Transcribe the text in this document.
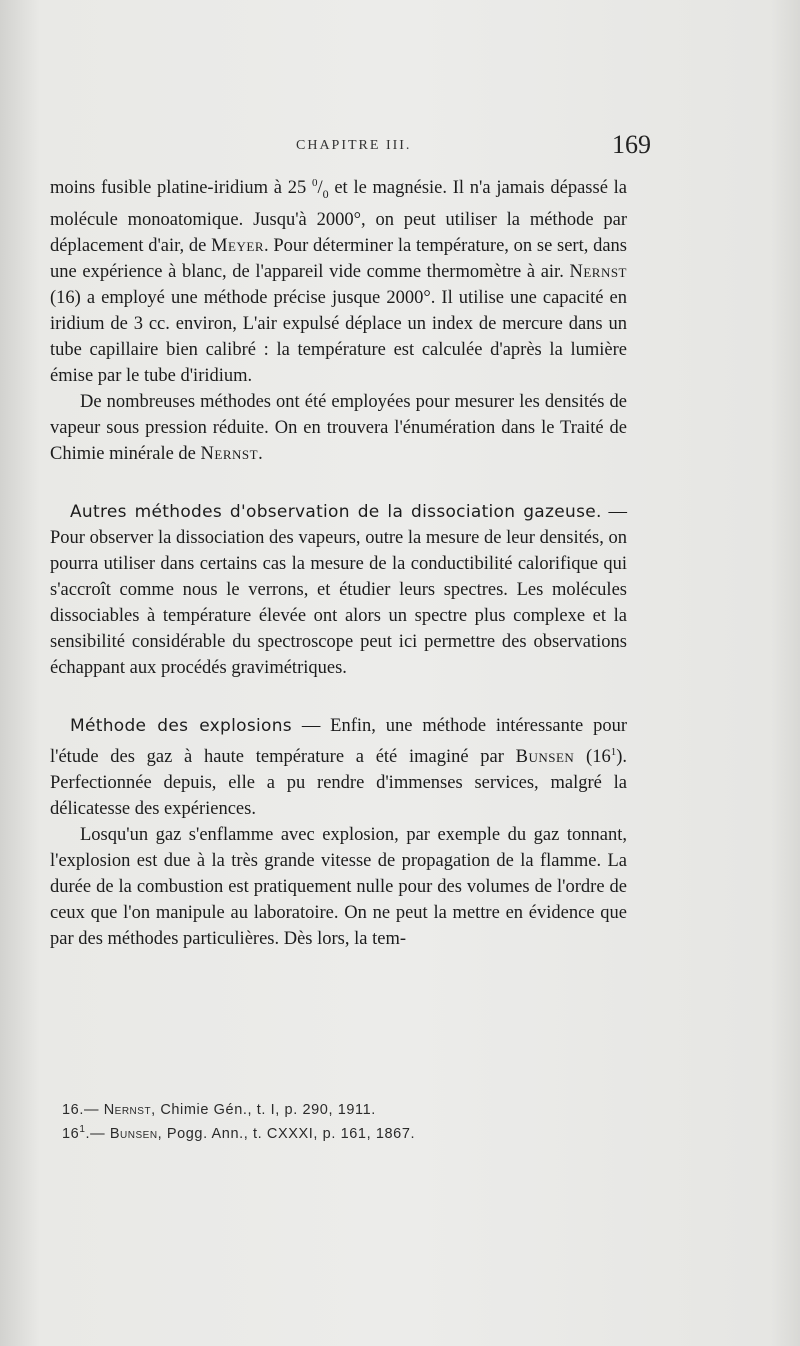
CHAPITRE III.	169

moins fusible platine-iridium à 25 $^0/_0$ et le magnésie. Il n'a jamais dépassé la molécule monoatomique. Jusqu'à 2000°, on peut utiliser la méthode par déplacement d'air, de Meyer. Pour déterminer la température, on se sert, dans une expérience à blanc, de l'appareil vide comme thermomètre à air. Nernst (16) a employé une méthode précise jusque 2000°. Il utilise une capacité en iridium de 3 cc. environ, L'air expulsé déplace un index de mercure dans un tube capillaire bien calibré : la température est calculée d'après la lumière émise par le tube d'iridium.

De nombreuses méthodes ont été employées pour mesurer les densités de vapeur sous pression réduite. On en trouvera l'énumération dans le Traité de Chimie minérale de Nernst.

Autres méthodes d'observation de la dissociation gazeuse. — Pour observer la dissociation des vapeurs, outre la mesure de leur densités, on pourra utiliser dans certains cas la mesure de la conductibilité calorifique qui s'accroît comme nous le verrons, et étudier leurs spectres. Les molécules dissociables à température élevée ont alors un spectre plus complexe et la sensibilité considérable du spectroscope peut ici permettre des observations échappant aux procédés gravimétriques.

Méthode des explosions — Enfin, une méthode intéressante pour l'étude des gaz à haute température a été imaginé par Bunsen $(16^1)$. Perfectionnée depuis, elle a pu rendre d'immenses services, malgré la délicatesse des expériences.

Losqu'un gaz s'enflamme avec explosion, par exemple du gaz tonnant, l'explosion est due à la très grande vitesse de propagation de la flamme. La durée de la combustion est pratiquement nulle pour des volumes de l'ordre de ceux que l'on manipule au laboratoire. On ne peut la mettre en évidence que par des méthodes particulières. Dès lors, la tem-

16.— Nernst, Chimie Gén., t. I, p. 290, 1911.
$16^1.—$ Bunsen, Pogg. Ann., t. CXXXI, p. 161, 1867.
